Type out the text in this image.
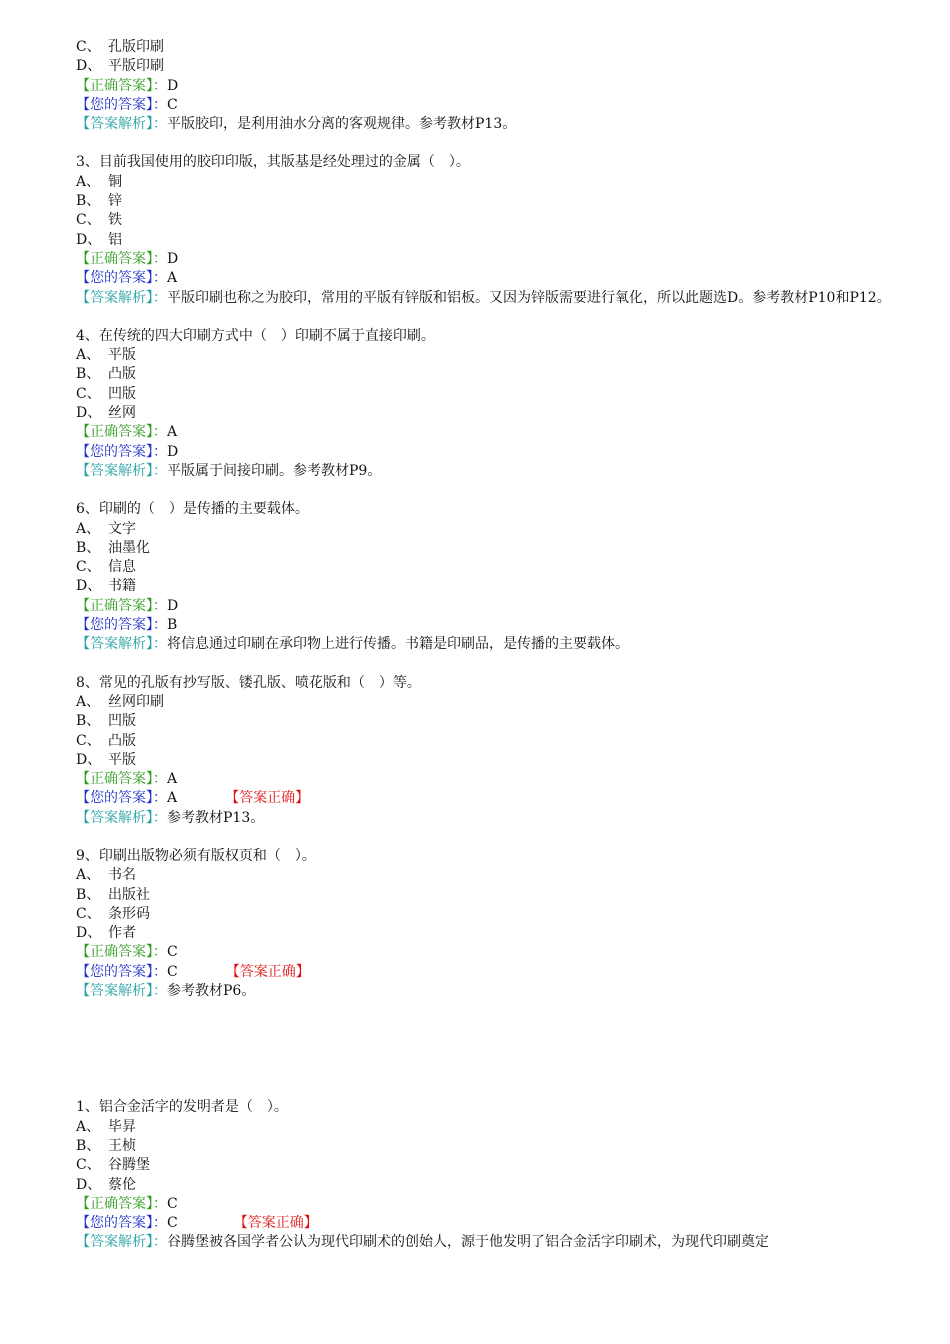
C、 孔版印刷
D、 平版印刷
【正确答案】：D
【您的答案】：C
【答案解析】：平版胶印，是利用油水分离的客观规律。参考教材P13。
3、目前我国使用的胶印印版，其版基是经处理过的金属（　）。
A、 铜
B、 锌
C、 铁
D、 铝
【正确答案】：D
【您的答案】：A
【答案解析】：平版印刷也称之为胶印，常用的平版有锌版和铝板。又因为锌版需要进行氧化，所以此题选D。参考教材P10和P12。
4、在传统的四大印刷方式中（　）印刷不属于直接印刷。
A、 平版
B、 凸版
C、 凹版
D、 丝网
【正确答案】：A
【您的答案】：D
【答案解析】：平版属于间接印刷。参考教材P9。
6、印刷的（　）是传播的主要载体。
A、 文字
B、 油墨化
C、 信息
D、 书籍
【正确答案】：D
【您的答案】：B
【答案解析】：将信息通过印刷在承印物上进行传播。书籍是印刷品，是传播的主要载体。
8、常见的孔版有抄写版、镂孔版、喷花版和（　）等。
A、 丝网印刷
B、 凹版
C、 凸版
D、 平版
【正确答案】：A
【您的答案】：A	【答案正确】
【答案解析】：参考教材P13。
9、印刷出版物必须有版权页和（　）。
A、 书名
B、 出版社
C、 条形码
D、 作者
【正确答案】：C
【您的答案】：C	【答案正确】
【答案解析】：参考教材P6。
1、铝合金活字的发明者是（　）。
A、 毕昇
B、 王桢
C、 谷腾堡
D、 蔡伦
【正确答案】：C
【您的答案】：C	【答案正确】
【答案解析】：谷腾堡被各国学者公认为现代印刷术的创始人，源于他发明了铝合金活字印刷术，为现代印刷奠定
